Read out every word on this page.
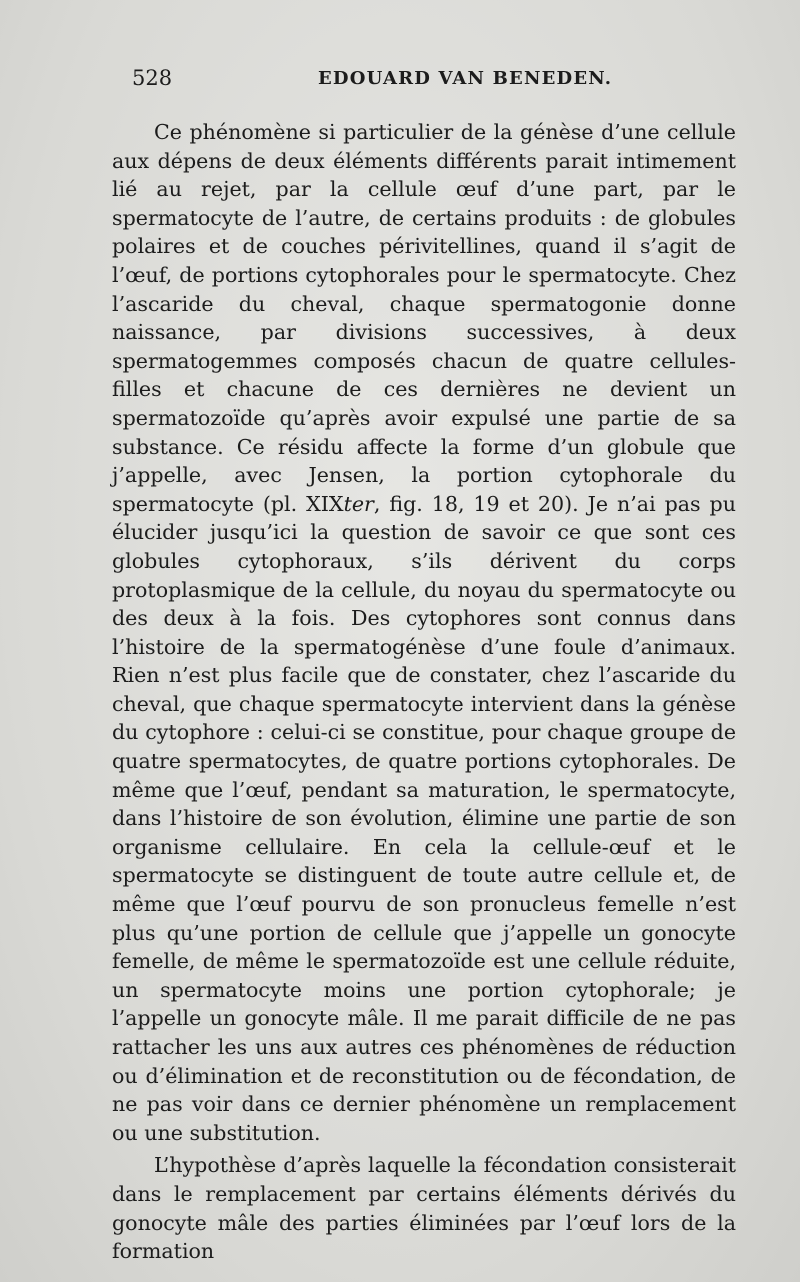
528	EDOUARD VAN BENEDEN.

Ce phénomène si particulier de la génèse d’une cellule aux dépens de deux éléments différents parait intimement lié au rejet, par la cellule œuf d’une part, par le spermatocyte de l’autre, de certains produits : de globules polaires et de couches périvitellines, quand il s’agit de l’œuf, de portions cytophorales pour le spermatocyte. Chez l’ascaride du cheval, chaque spermatogonie donne naissance, par divisions successives, à deux spermatogemmes composés chacun de quatre cellules-filles et chacune de ces dernières ne devient un spermatozoïde qu’après avoir expulsé une partie de sa substance. Ce résidu affecte la forme d’un globule que j’appelle, avec Jensen, la portion cytophorale du spermatocyte (pl. XIXter, fig. 18, 19 et 20). Je n’ai pas pu élucider jusqu’ici la question de savoir ce que sont ces globules cytophoraux, s’ils dérivent du corps protoplasmique de la cellule, du noyau du spermatocyte ou des deux à la fois. Des cytophores sont connus dans l’histoire de la spermatogénèse d’une foule d’animaux. Rien n’est plus facile que de constater, chez l’ascaride du cheval, que chaque spermatocyte intervient dans la génèse du cytophore : celui-ci se constitue, pour chaque groupe de quatre spermatocytes, de quatre portions cytophorales. De même que l’œuf, pendant sa maturation, le spermatocyte, dans l’histoire de son évolution, élimine une partie de son organisme cellulaire. En cela la cellule-œuf et le spermatocyte se distinguent de toute autre cellule et, de même que l’œuf pourvu de son pronucleus femelle n’est plus qu’une portion de cellule que j’appelle un gonocyte femelle, de même le spermatozoïde est une cellule réduite, un spermatocyte moins une portion cytophorale; je l’appelle un gonocyte mâle. Il me parait difficile de ne pas rattacher les uns aux autres ces phénomènes de réduction ou d’élimination et de reconstitution ou de fécondation, de ne pas voir dans ce dernier phénomène un remplacement ou une substitution.

L’hypothèse d’après laquelle la fécondation consisterait dans le remplacement par certains éléments dérivés du gonocyte mâle des parties éliminées par l’œuf lors de la formation
